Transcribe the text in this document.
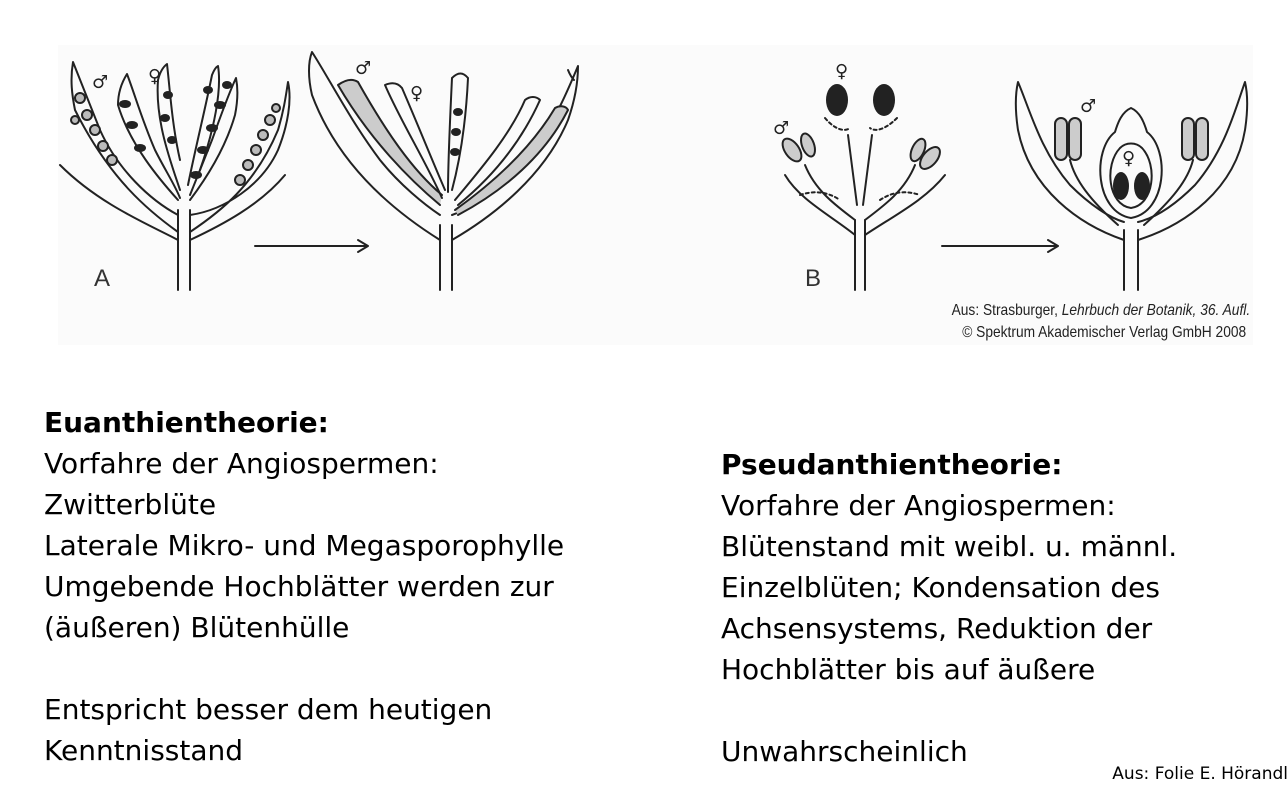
♂ ♀	♂
♀
♀
♂
♂
♀
A	B
Aus: Strasburger, Lehrbuch der Botanik, 36. Aufl.
© Spektrum Akademischer Verlag GmbH 2008
Euanthientheorie:
Vorfahre der Angiospermen:
Zwitterblüte
Laterale Mikro- und Megasporophylle
Umgebende Hochblätter werden zur
(äußeren) Blütenhülle
Entspricht besser dem heutigen
Kenntnisstand
Pseudanthientheorie:
Vorfahre der Angiospermen:
Blütenstand mit weibl. u. männl.
Einzelblüten; Kondensation des
Achsensystems, Reduktion der
Hochblätter bis auf äußere
Unwahrscheinlich
Aus: Folie E. Hörandl
